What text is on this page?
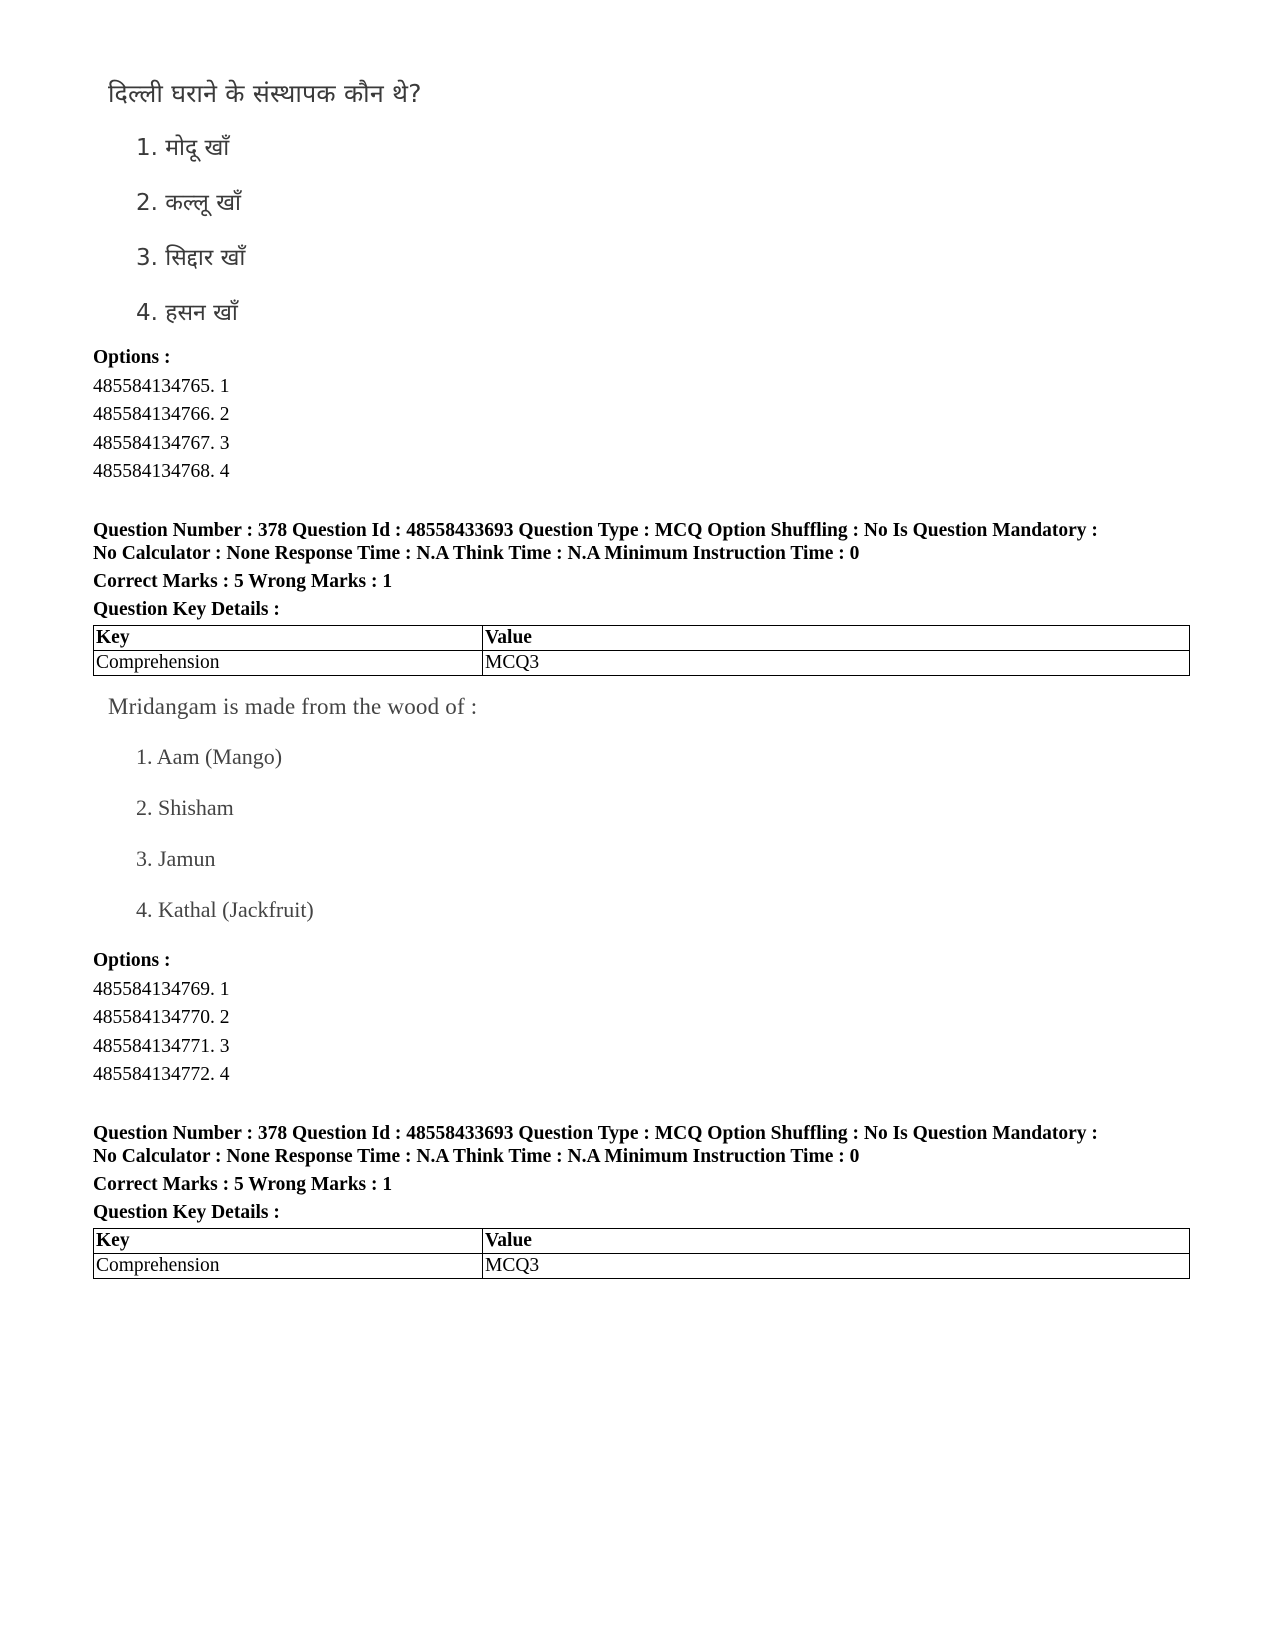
दिल्ली घराने के संस्थापक कौन थे?

1. मोदू खाँ

2. कल्लू खाँ

3. सिद्दार खाँ

4. हसन खाँ

Options :
485584134765. 1
485584134766. 2
485584134767. 3
485584134768. 4
Question Number : 378 Question Id : 48558433693 Question Type : MCQ Option Shuffling : No Is Question Mandatory :
No Calculator : None Response Time : N.A Think Time : N.A Minimum Instruction Time : 0
Correct Marks : 5 Wrong Marks : 1
Question Key Details :
Key	Value
Comprehension	MCQ3

Mridangam is made from the wood of :

1. Aam (Mango)

2. Shisham

3. Jamun

4. Kathal (Jackfruit)

Options :
485584134769. 1
485584134770. 2
485584134771. 3
485584134772. 4
Question Number : 378 Question Id : 48558433693 Question Type : MCQ Option Shuffling : No Is Question Mandatory :
No Calculator : None Response Time : N.A Think Time : N.A Minimum Instruction Time : 0
Correct Marks : 5 Wrong Marks : 1
Question Key Details :
Key	Value
Comprehension	MCQ3
